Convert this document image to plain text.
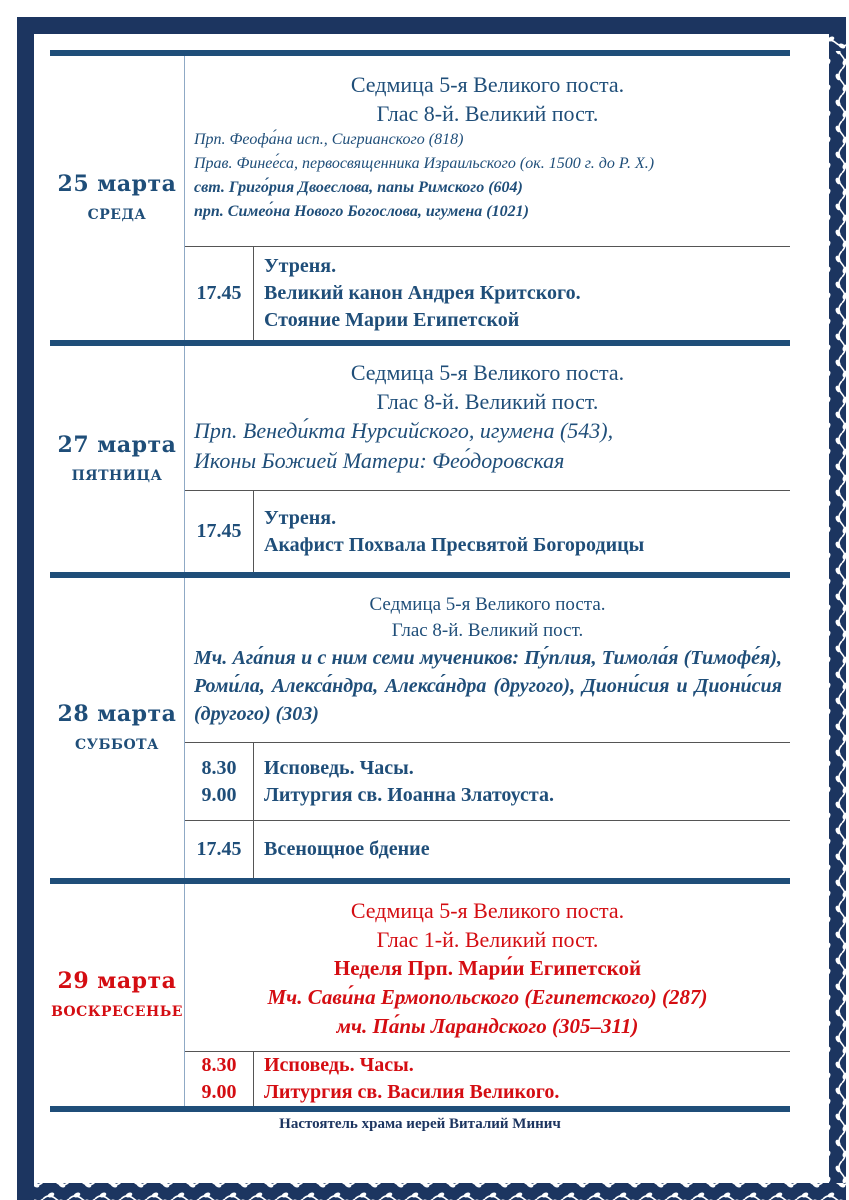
25 марта
среда
Седмица 5-я Великого поста.
Глас 8-й. Великий пост.
Прп. Феофа́на исп., Сигрианского (818)
Прав. Финее́са, первосвященника Израильского (ок. 1500 г. до Р. Х.)
свт. Григо́рия Двоеслова, папы Римского (604)
прп. Симео́на Нового Богослова, игумена (1021)
17.45
Утреня.
Великий канон Андрея Критского.
Стояние Марии Египетской
27 марта
пятница
Седмица 5-я Великого поста.
Глас 8-й. Великий пост.
Прп. Венеди́кта Нурсийского, игумена (543),
Иконы Божией Матери: Фео́доровская
17.45
Утреня.
Акафист Похвала Пресвятой Богородицы
28 марта
суббота
Седмица 5-я Великого поста.
Глас 8-й. Великий пост.
Мч. Ага́пия и с ним семи мучеников: Пу́плия, Тимола́я (Тимофе́я), Роми́ла, Алекса́ндра, Алекса́ндра (другого), Диони́сия и Диони́сия (другого) (303)
8.30
9.00
Исповедь. Часы.
Литургия св. Иоанна Златоуста.
17.45 Всенощное бдение
29 марта
воскресенье
Седмица 5-я Великого поста.
Глас 1-й. Великий пост.
Неделя Прп. Мари́и Египетской
Мч. Сави́на Ермопольского (Египетского) (287)
мч. Па́пы Ларандского (305–311)
8.30
9.00
Исповедь. Часы.
Литургия св. Василия Великого.
Настоятель храма иерей Виталий Минич
